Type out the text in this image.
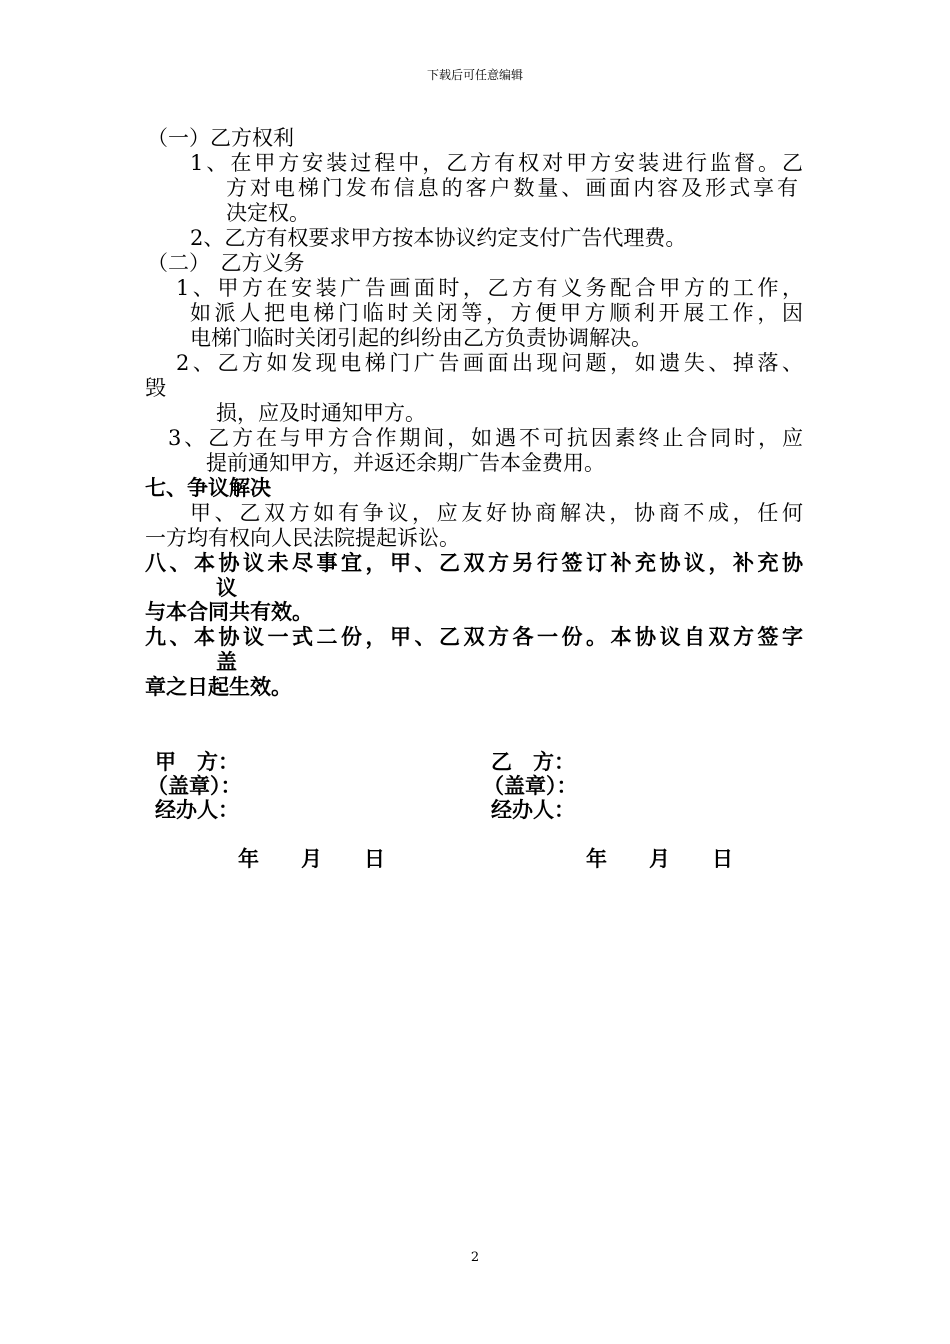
下载后可任意编辑
（一）乙方权利
1、在甲方安装过程中，乙方有权对甲方安装进行监督。乙
方对电梯门发布信息的客户数量、画面内容及形式享有
决定权。
2、乙方有权要求甲方按本协议约定支付广告代理费。
（二）　乙方义务
1、甲方在安装广告画面时，乙方有义务配合甲方的工作，
如派人把电梯门临时关闭等，方便甲方顺利开展工作，因
电梯门临时关闭引起的纠纷由乙方负责协调解决。
2、乙方如发现电梯门广告画面出现问题，如遗失、掉落、
毁
损，应及时通知甲方。
3、乙方在与甲方合作期间，如遇不可抗因素终止合同时，应
提前通知甲方，并返还余期广告本金费用。
七、争议解决
甲、乙双方如有争议，应友好协商解决，协商不成，任何
一方均有权向人民法院提起诉讼。
八、本协议未尽事宜，甲、乙双方另行签订补充协议，补充协
议
与本合同共有效。
九、本协议一式二份，甲、乙双方各一份。本协议自双方签字
盖
章之日起生效。
甲　方：	乙　方：
（盖章）：	（盖章）：
经办人：	经办人：
年　　月　　日	年　　月　　日
2
